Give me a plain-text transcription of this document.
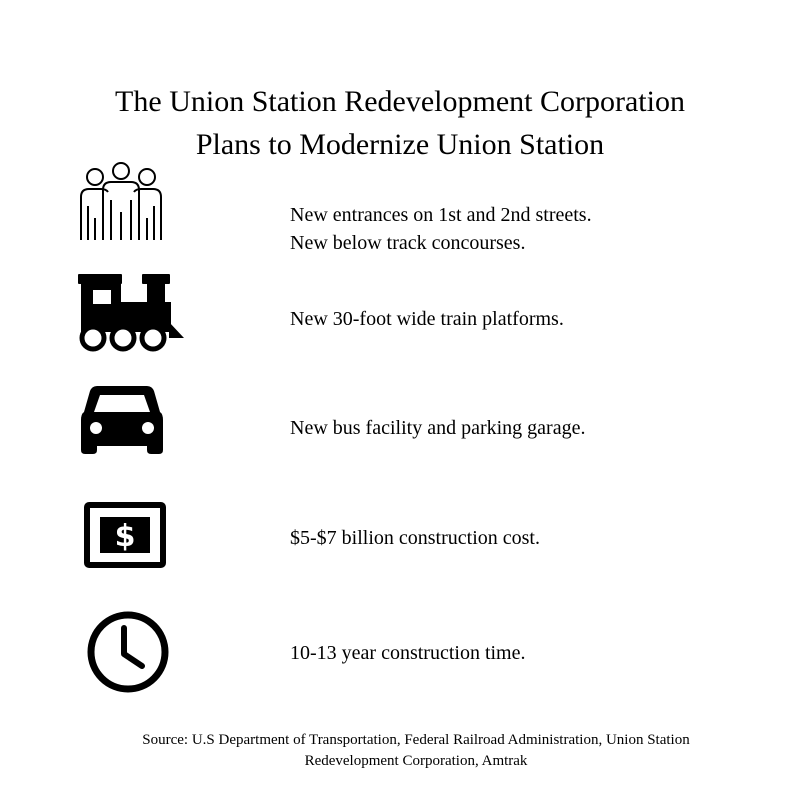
The Union Station Redevelopment Corporation
Plans to Modernize Union Station
New entrances on 1st and 2nd streets.
New below track concourses.
New 30-foot wide train platforms.
New bus facility and parking garage.
$	$5-$7 billion construction cost.
10-13 year construction time.
Source: U.S Department of Transportation, Federal Railroad Administration, Union Station
Redevelopment Corporation, Amtrak
